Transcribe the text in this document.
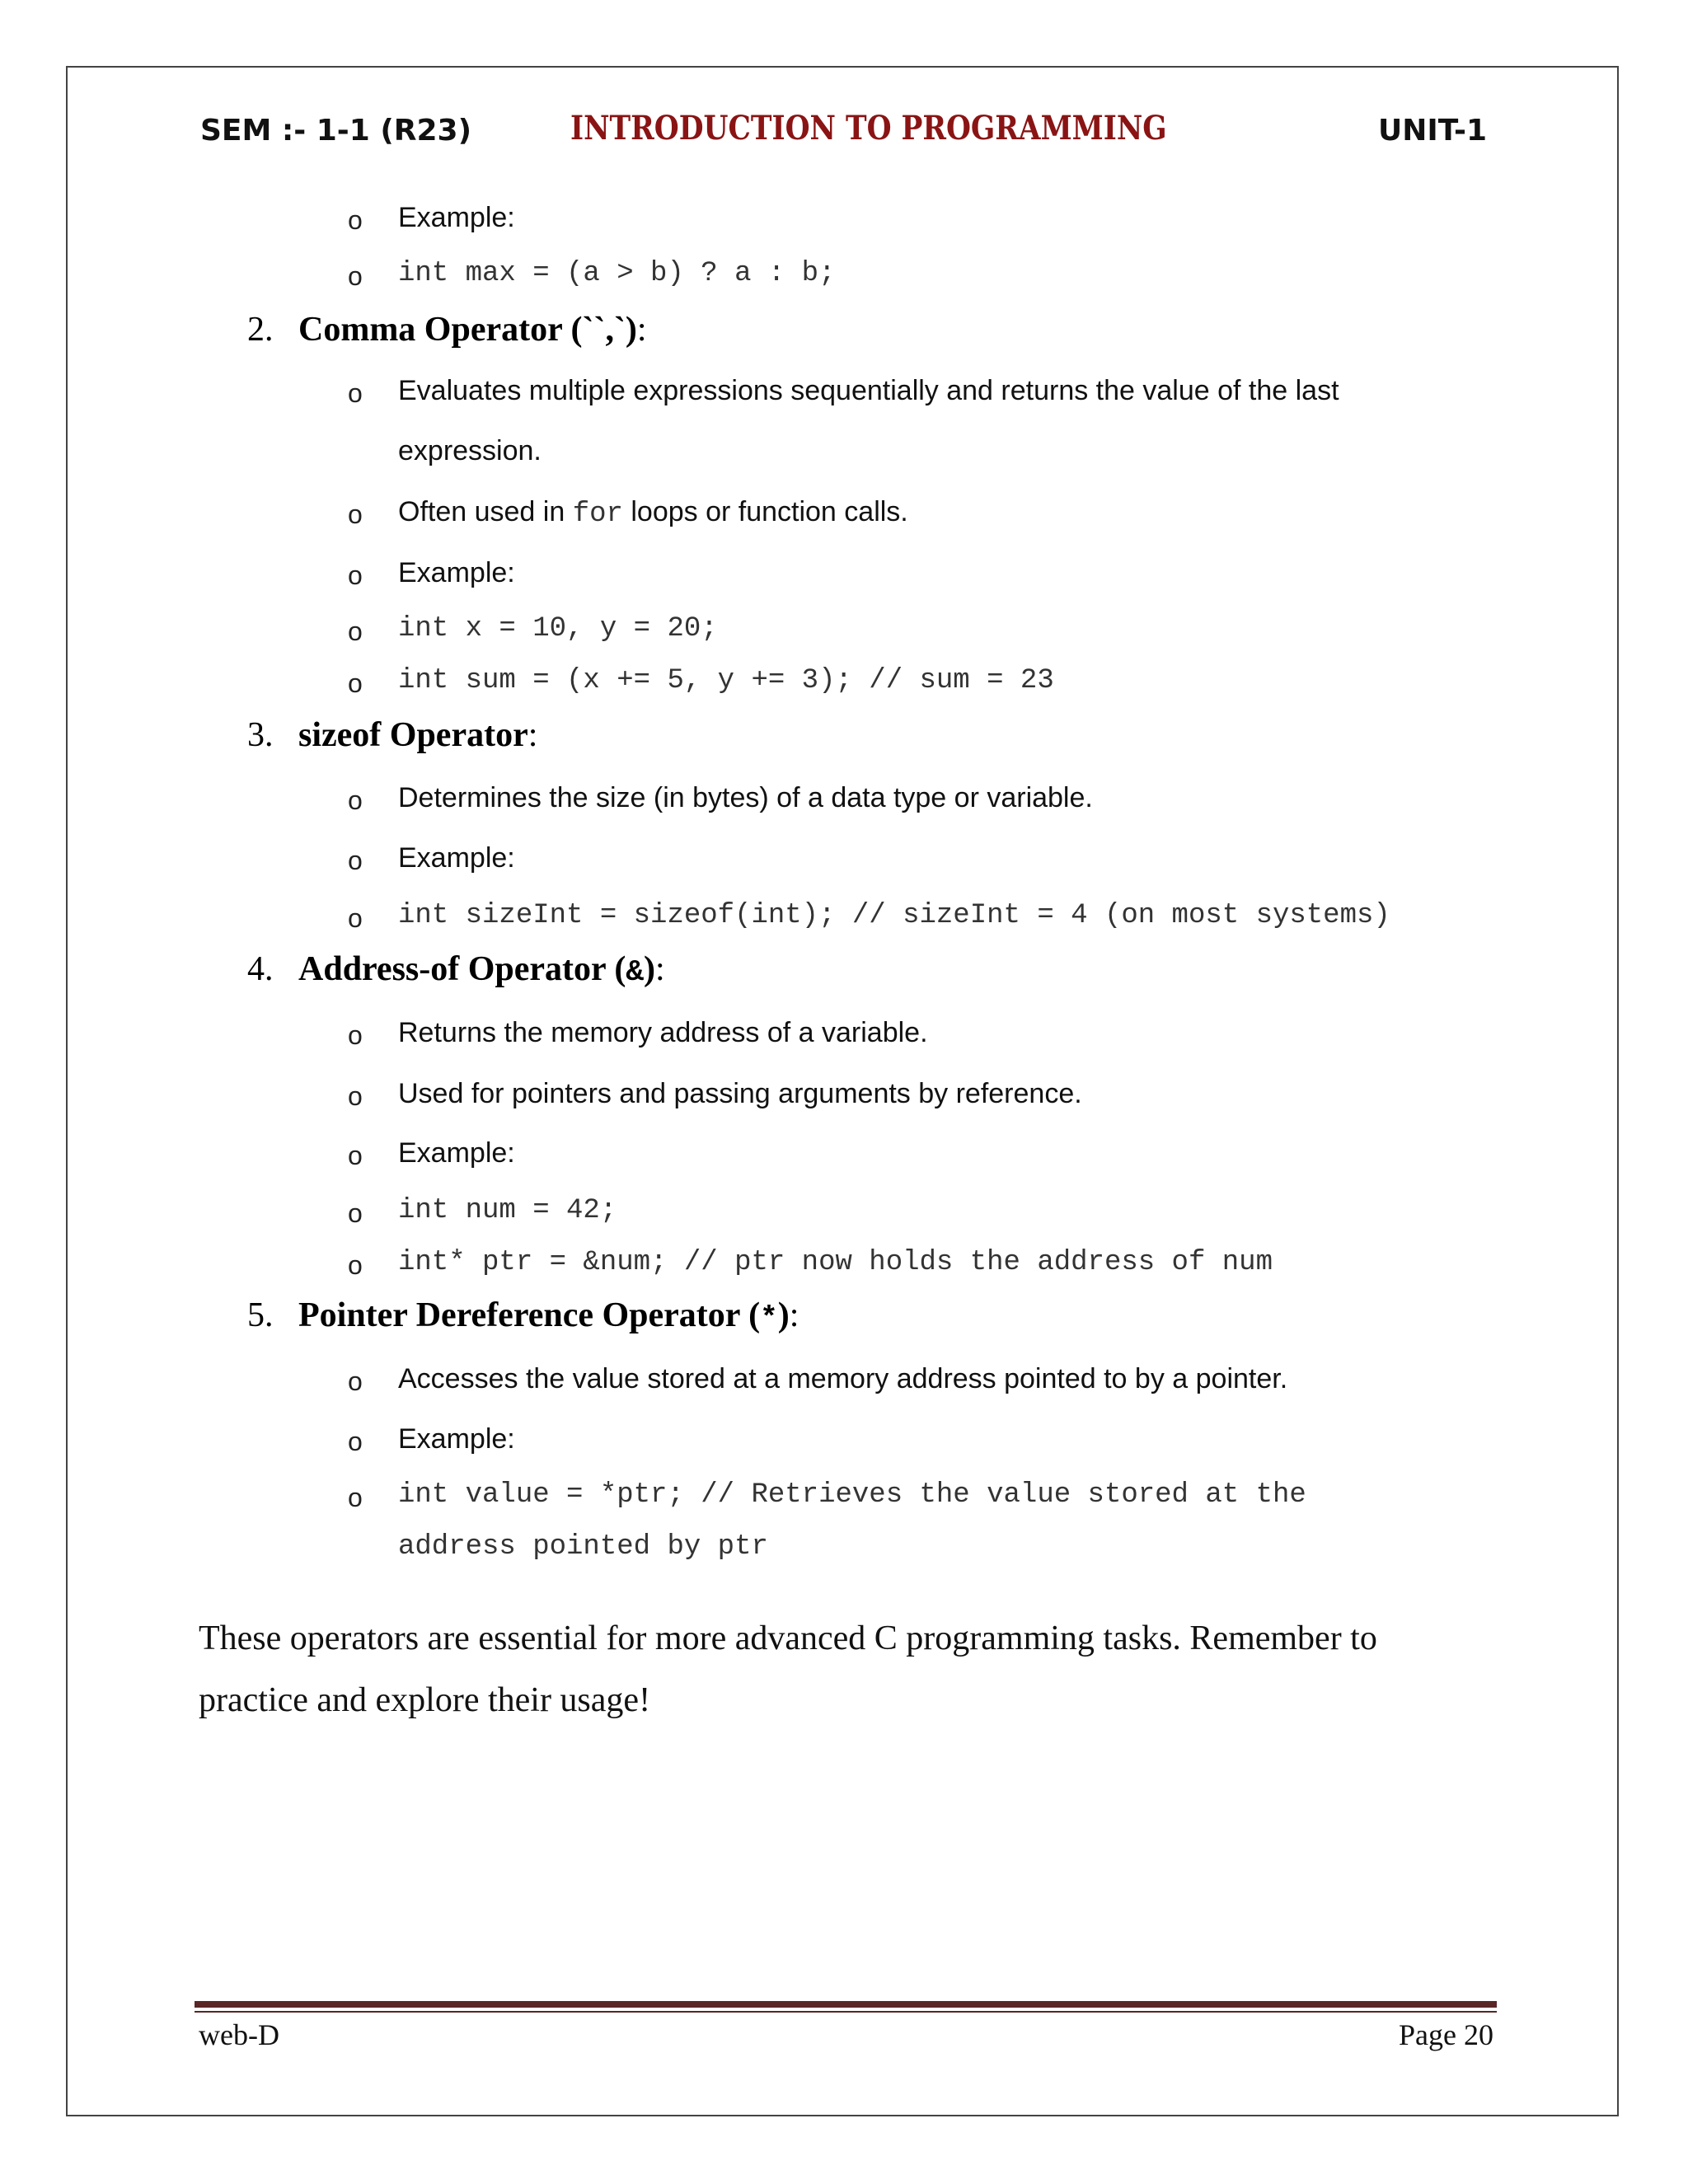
SEM :- 1-1 (R23)	INTRODUCTION TO PROGRAMMING	UNIT-1
o Example:
o int max = (a > b) ? a : b;
2. Comma Operator (``,`):
o Evaluates multiple expressions sequentially and returns the value of the last
expression.
o Often used in for loops or function calls.
o Example:
o int x = 10, y = 20;
o int sum = (x += 5, y += 3); // sum = 23
3. sizeof Operator:
o Determines the size (in bytes) of a data type or variable.
o Example:
o int sizeInt = sizeof(int); // sizeInt = 4 (on most systems)
4. Address-of Operator (&):
o Returns the memory address of a variable.
o Used for pointers and passing arguments by reference.
o Example:
o int num = 42;
o int* ptr = &num; // ptr now holds the address of num
5. Pointer Dereference Operator (*):
o Accesses the value stored at a memory address pointed to by a pointer.
o Example:
o int value = *ptr; // Retrieves the value stored at the
address pointed by ptr
These operators are essential for more advanced C programming tasks. Remember to
practice and explore their usage!
web-D	Page 20
